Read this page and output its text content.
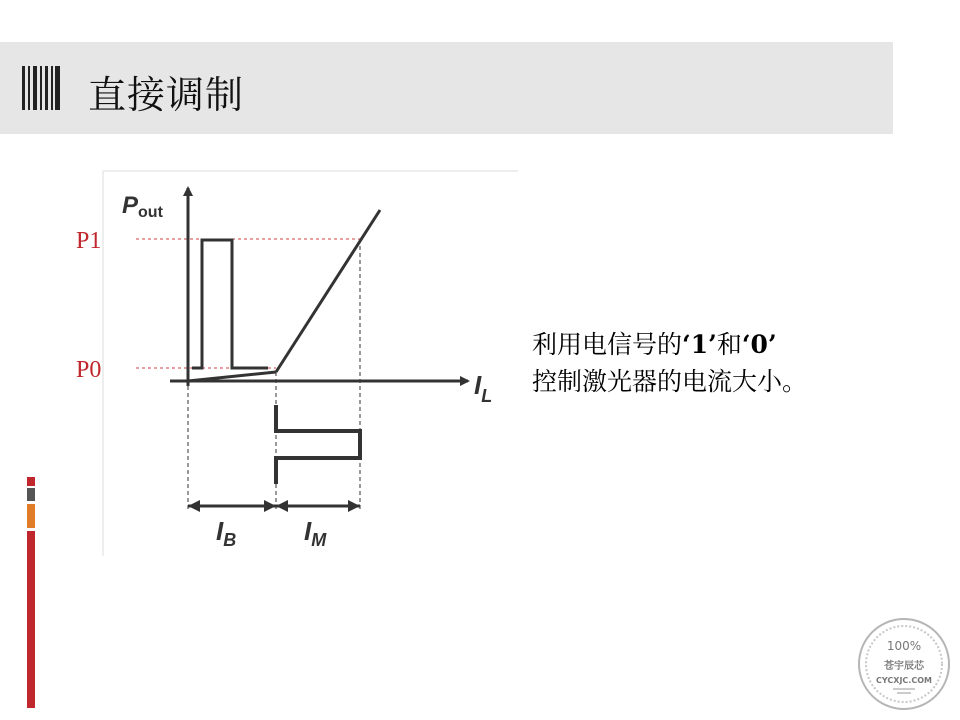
直接调制
Pout
$I_L$
P1
P0
$I_B$	$I_M$
利用电信号的‘1’和‘0’
控制激光器的电流大小。
100%
苍宇辰芯
CYCXJC.COM
